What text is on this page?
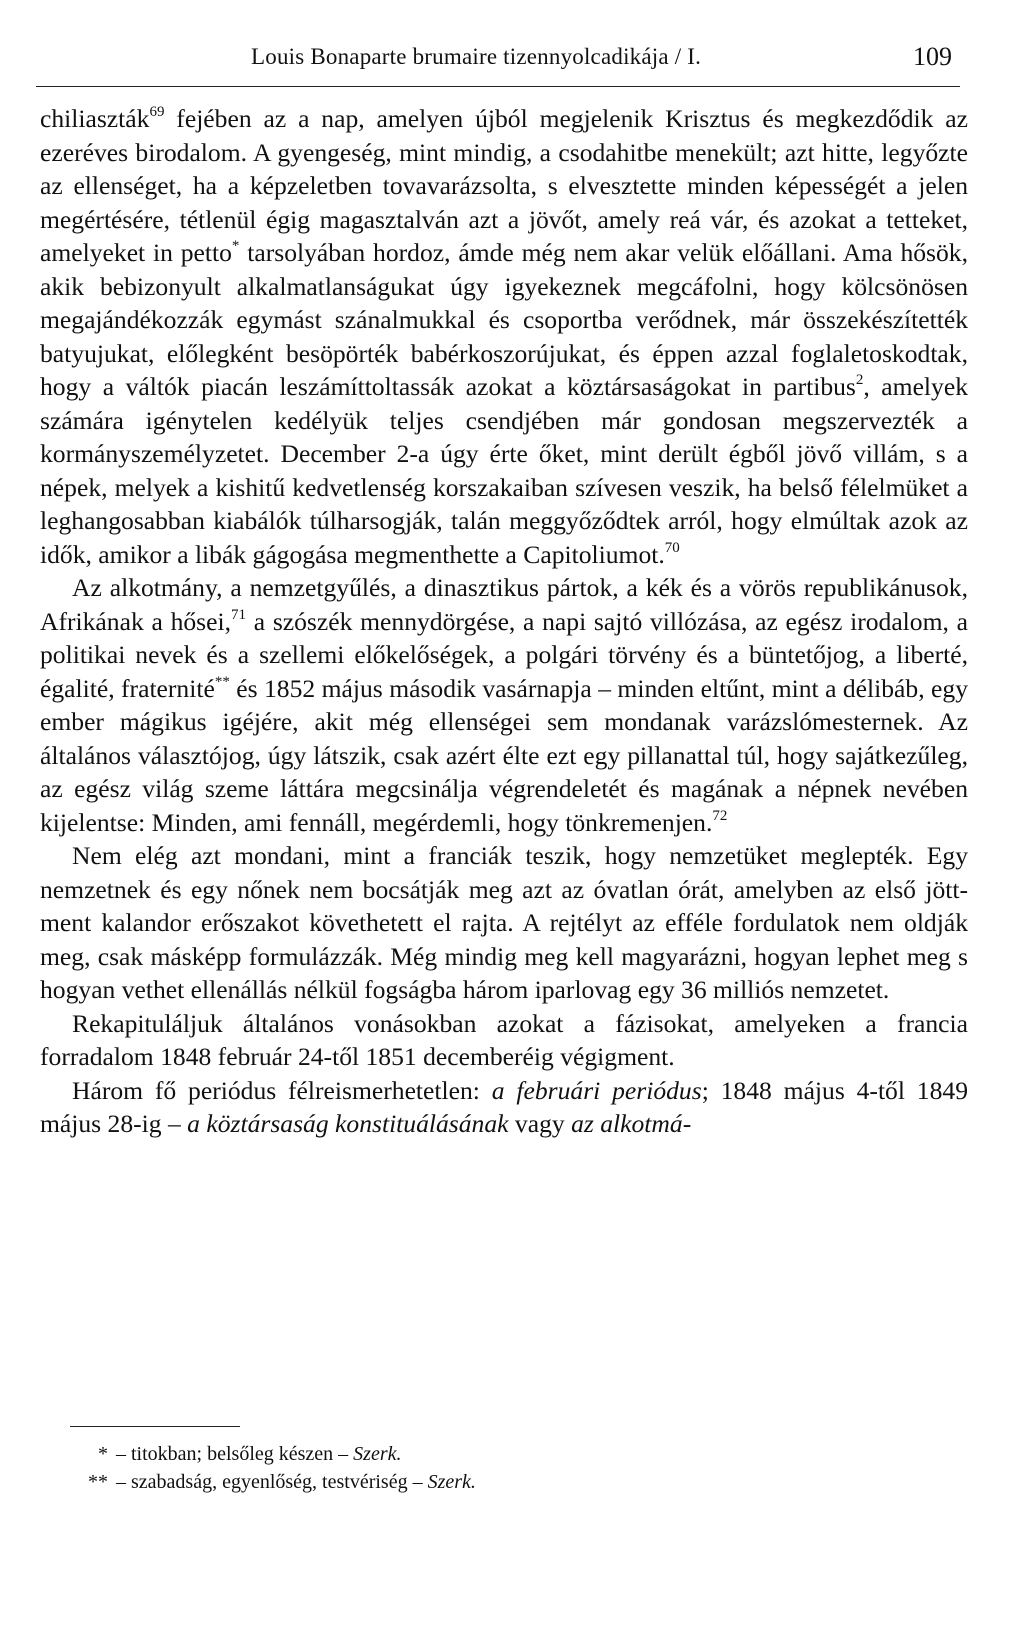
Louis Bonaparte brumaire tizennyolcadikája / I.	109

chiliaszták$^{69}$ fejében az a nap, amelyen újból megjelenik Krisztus és megkezdődik az ezeréves birodalom. A gyengeség, mint mindig, a csodahitbe menekült; azt hitte, legyőzte az ellenséget, ha a képzeletben tovavarázsolta, s elvesztette minden képességét a jelen megértésére, tétlenül égig magasztalván azt a jövőt, amely reá vár, és azokat a tetteket, amelyeket in petto* tarsolyában hordoz, ámde még nem akar velük előállani. Ama hősök, akik bebizonyult alkalmatlanságukat úgy igyekeznek megcáfolni, hogy kölcsönösen megajándékozzák egymást szánalmukkal és csoportba verődnek, már összekészítették batyujukat, előlegként besöpörték babérkoszorújukat, és éppen azzal foglaletoskodtak, hogy a váltók piacán leszámíttoltassák azokat a köztársaságokat in partibus$^2$, amelyek számára igénytelen kedélyük teljes csendjében már gondosan megszervezték a kormányszemélyzetet. December 2-a úgy érte őket, mint derült égből jövő villám, s a népek, melyek a kishitű kedvetlenség korszakaiban szívesen veszik, ha belső félelmüket a leghangosabban kiabálók túlharsogják, talán meggyőződtek arról, hogy elmúltak azok az idők, amikor a libák gágogása megmenthette a Capitoliumot.$^{70}$

Az alkotmány, a nemzetgyűlés, a dinasztikus pártok, a kék és a vörös republikánusok, Afrikának a hősei,$^{71}$ a szószék mennydörgése, a napi sajtó villózása, az egész irodalom, a politikai nevek és a szellemi előkelőségek, a polgári törvény és a büntetőjog, a liberté, égalité, fraternité** és 1852 május második vasárnapja – minden eltűnt, mint a délibáb, egy ember mágikus igéjére, akit még ellenségei sem mondanak varázslómesternek. Az általános választójog, úgy látszik, csak azért élte ezt egy pillanattal túl, hogy sajátkezűleg, az egész világ szeme láttára megcsinálja végrendeletét és magának a népnek nevében kijelentse: Minden, ami fennáll, megérdemli, hogy tönkremenjen.$^{72}$

Nem elég azt mondani, mint a franciák teszik, hogy nemzetüket meglepték. Egy nemzetnek és egy nőnek nem bocsátják meg azt az óvatlan órát, amelyben az első jött-ment kalandor erőszakot követhetett el rajta. A rejtélyt az efféle fordulatok nem oldják meg, csak másképp formulázzák. Még mindig meg kell magyarázni, hogyan lephet meg s hogyan vethet ellenállás nélkül fogságba három iparlovag egy 36 milliós nemzetet.

Rekapituláljuk általános vonásokban azokat a fázisokat, amelyeken a francia forradalom 1848 február 24-től 1851 decemberéig végigment.

Három fő periódus félreismerhetetlen: a februári periódus; 1848 május 4-től 1849 május 28-ig – a köztársaság konstituálásának vagy az alkotmá-

* – titokban; belsőleg készen – Szerk.
** – szabadság, egyenlőség, testvériség – Szerk.
